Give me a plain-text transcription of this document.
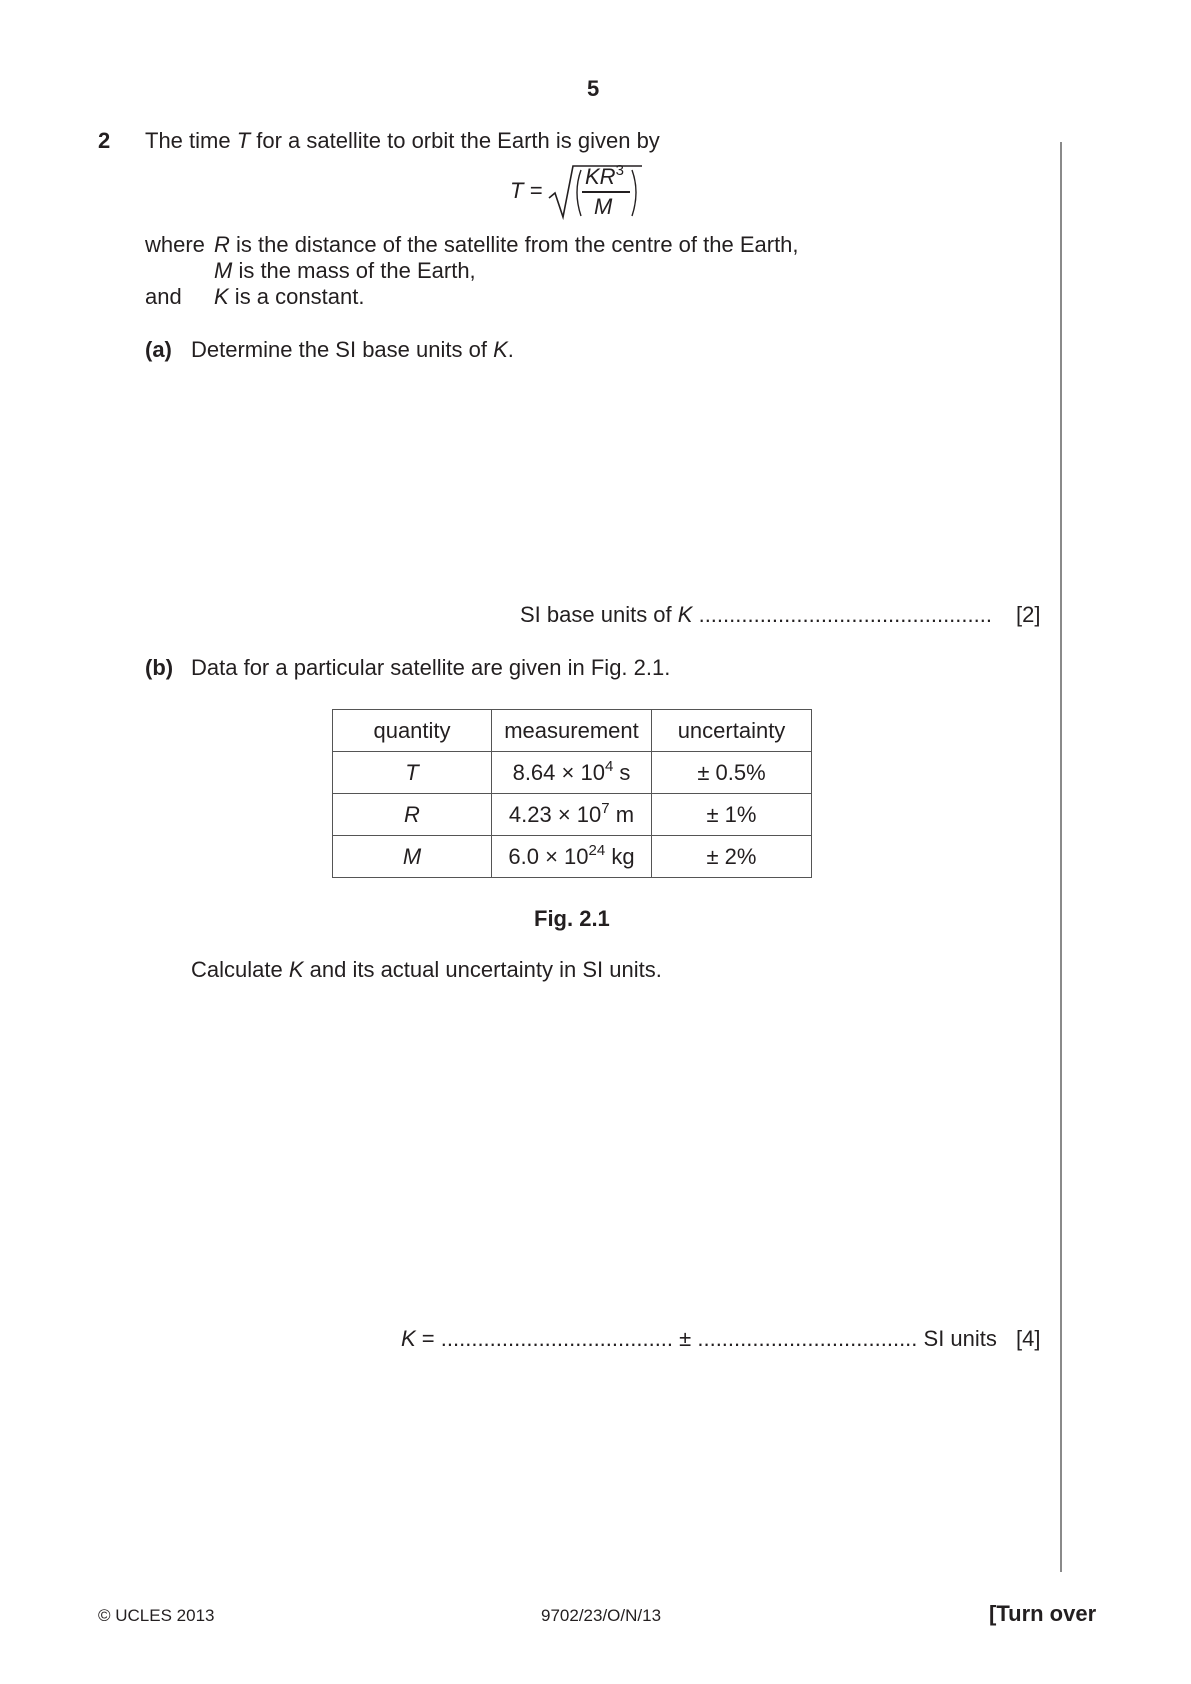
5
2 The time T for a satellite to orbit the Earth is given by
T =
$KR^3$
M
where R is the distance of the satellite from the centre of the Earth,
M is the mass of the Earth,
and K is a constant.
(a) Determine the SI base units of K.
SI base units of K ................................................ [2]
(b) Data for a particular satellite are given in Fig. 2.1.
quantity	measurement	uncertainty
T	$8.64 \times 10^4$ s	± 0.5%
R	$4.23 \times 10^7$ m	± 1%
M	$6.0 \times 10^{24}$ kg	± 2%
Fig. 2.1
Calculate K and its actual uncertainty in SI units.
K = ...................................... ± .................................... SI units [4]
© UCLES 2013	9702/23/O/N/13	[Turn over
